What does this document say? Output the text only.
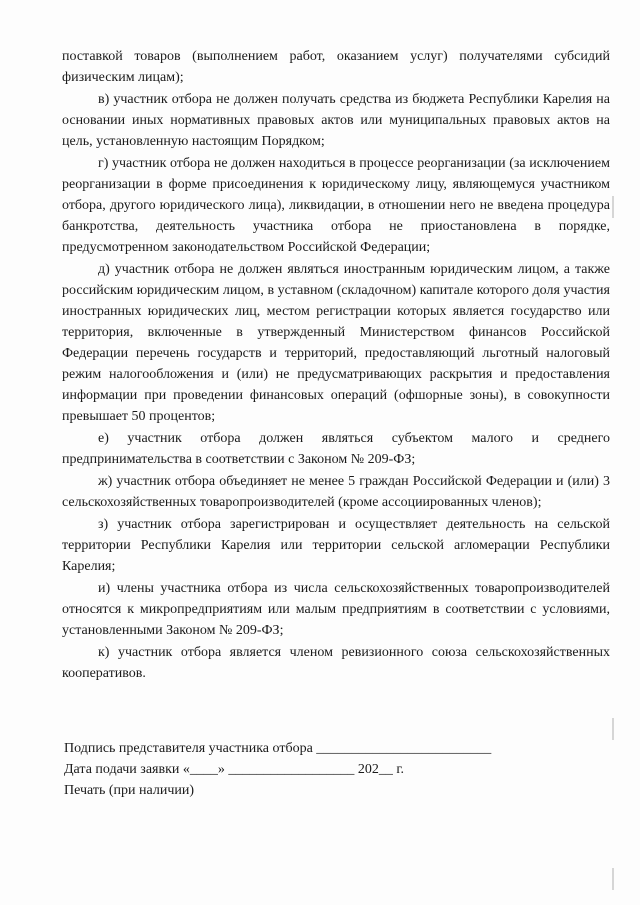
поставкой товаров (выполнением работ, оказанием услуг) получателями субсидий физическим лицам);

в) участник отбора не должен получать средства из бюджета Республики Карелия на основании иных нормативных правовых актов или муниципальных правовых актов на цель, установленную настоящим Порядком;

г) участник отбора не должен находиться в процессе реорганизации (за исключением реорганизации в форме присоединения к юридическому лицу, являющемуся участником отбора, другого юридического лица), ликвидации, в отношении него не введена процедура банкротства, деятельность участника отбора не приостановлена в порядке, предусмотренном законодательством Российской Федерации;

д) участник отбора не должен являться иностранным юридическим лицом, а также российским юридическим лицом, в уставном (складочном) капитале которого доля участия иностранных юридических лиц, местом регистрации которых является государство или территория, включенные в утвержденный Министерством финансов Российской Федерации перечень государств и территорий, предоставляющий льготный налоговый режим налогообложения и (или) не предусматривающих раскрытия и предоставления информации при проведении финансовых операций (офшорные зоны), в совокупности превышает 50 процентов;

е) участник отбора должен являться субъектом малого и среднего предпринимательства в соответствии с Законом № 209-ФЗ;

ж) участник отбора объединяет не менее 5 граждан Российской Федерации и (или) 3 сельскохозяйственных товаропроизводителей (кроме ассоциированных членов);

з) участник отбора зарегистрирован и осуществляет деятельность на сельской территории Республики Карелия или территории сельской агломерации Республики Карелия;

и) члены участника отбора из числа сельскохозяйственных товаропроизводителей относятся к микропредприятиям или малым предприятиям в соответствии с условиями, установленными Законом № 209-ФЗ;

к) участник отбора является членом ревизионного союза сельскохозяйственных кооперативов.

Подпись представителя участника отбора _________________________
Дата подачи заявки «____» __________________ 202__ г.
Печать (при наличии)
